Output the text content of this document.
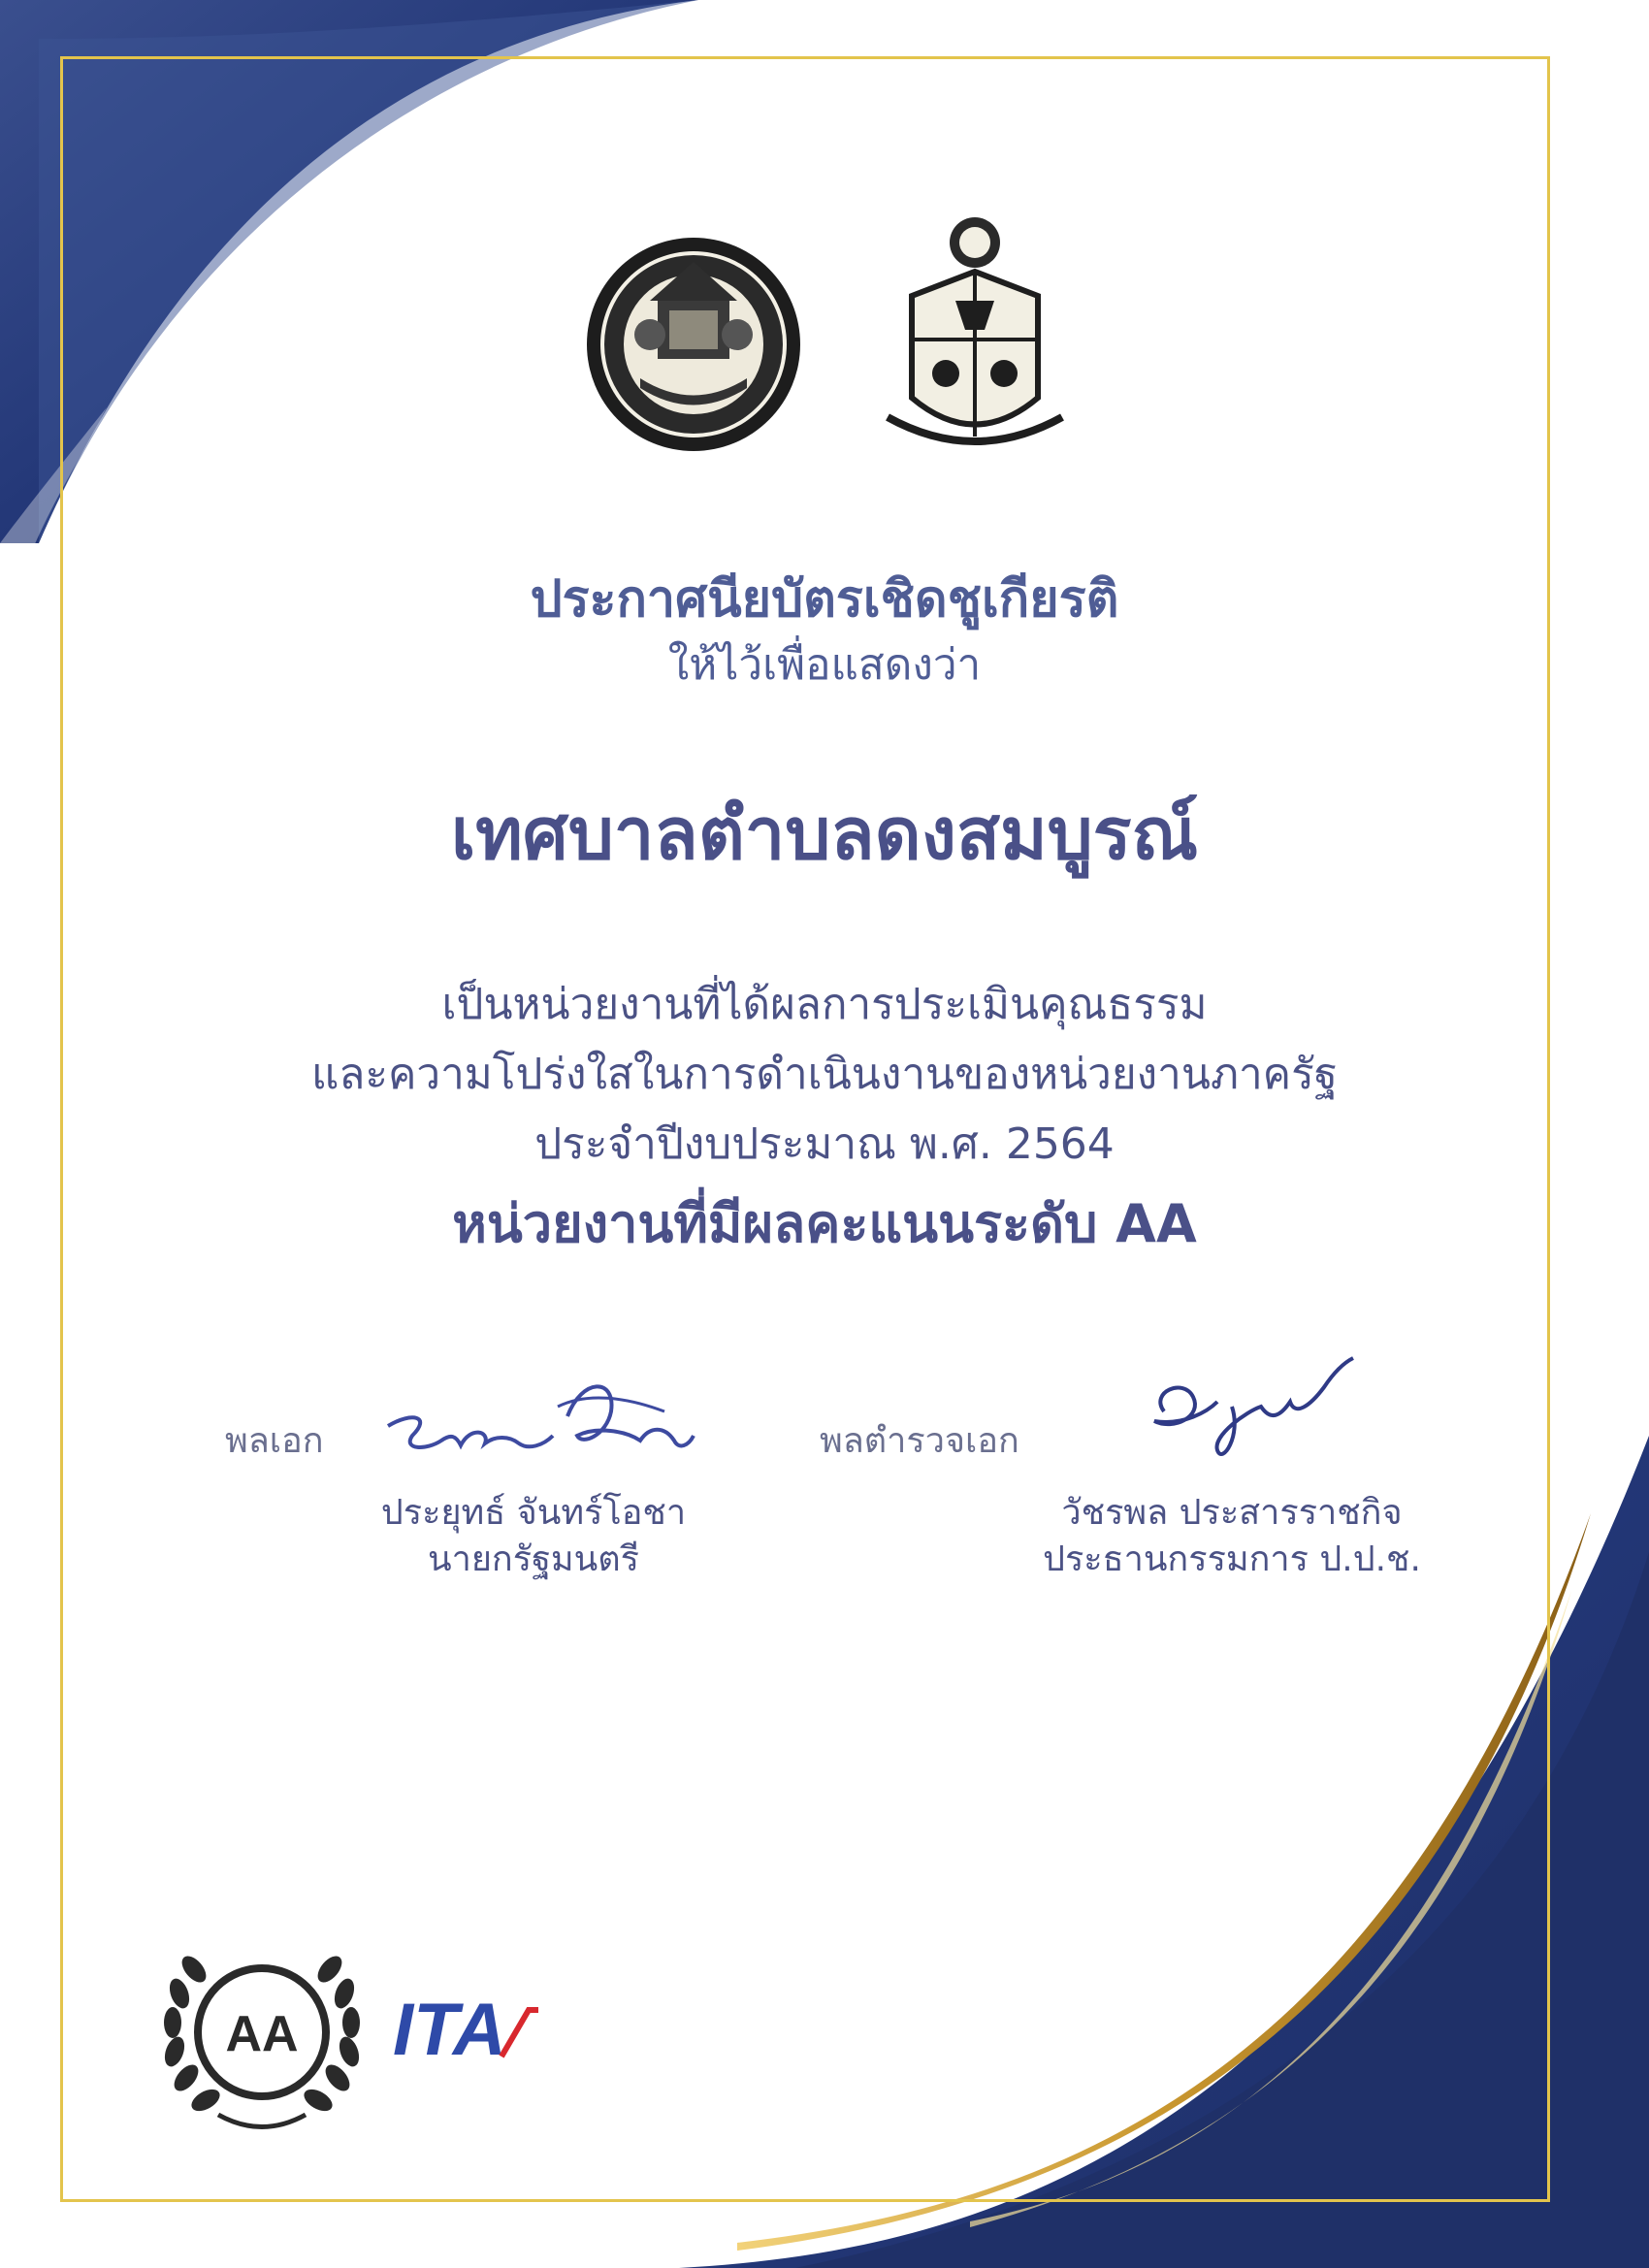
ประกาศนียบัตรเชิดชูเกียรติ
ให้ไว้เพื่อแสดงว่า
เทศบาลตำบลดงสมบูรณ์
เป็นหน่วยงานที่ได้ผลการประเมินคุณธรรม
และความโปร่งใสในการดำเนินงานของหน่วยงานภาครัฐ
ประจำปีงบประมาณ พ.ศ. 2564
หน่วยงานที่มีผลคะแนนระดับ AA
พลเอก
ประยุทธ์ จันทร์โอชา
นายกรัฐมนตรี
พลตำรวจเอก
วัชรพล ประสารราชกิจ
ประธานกรรมการ ป.ป.ช.
AA ITA
